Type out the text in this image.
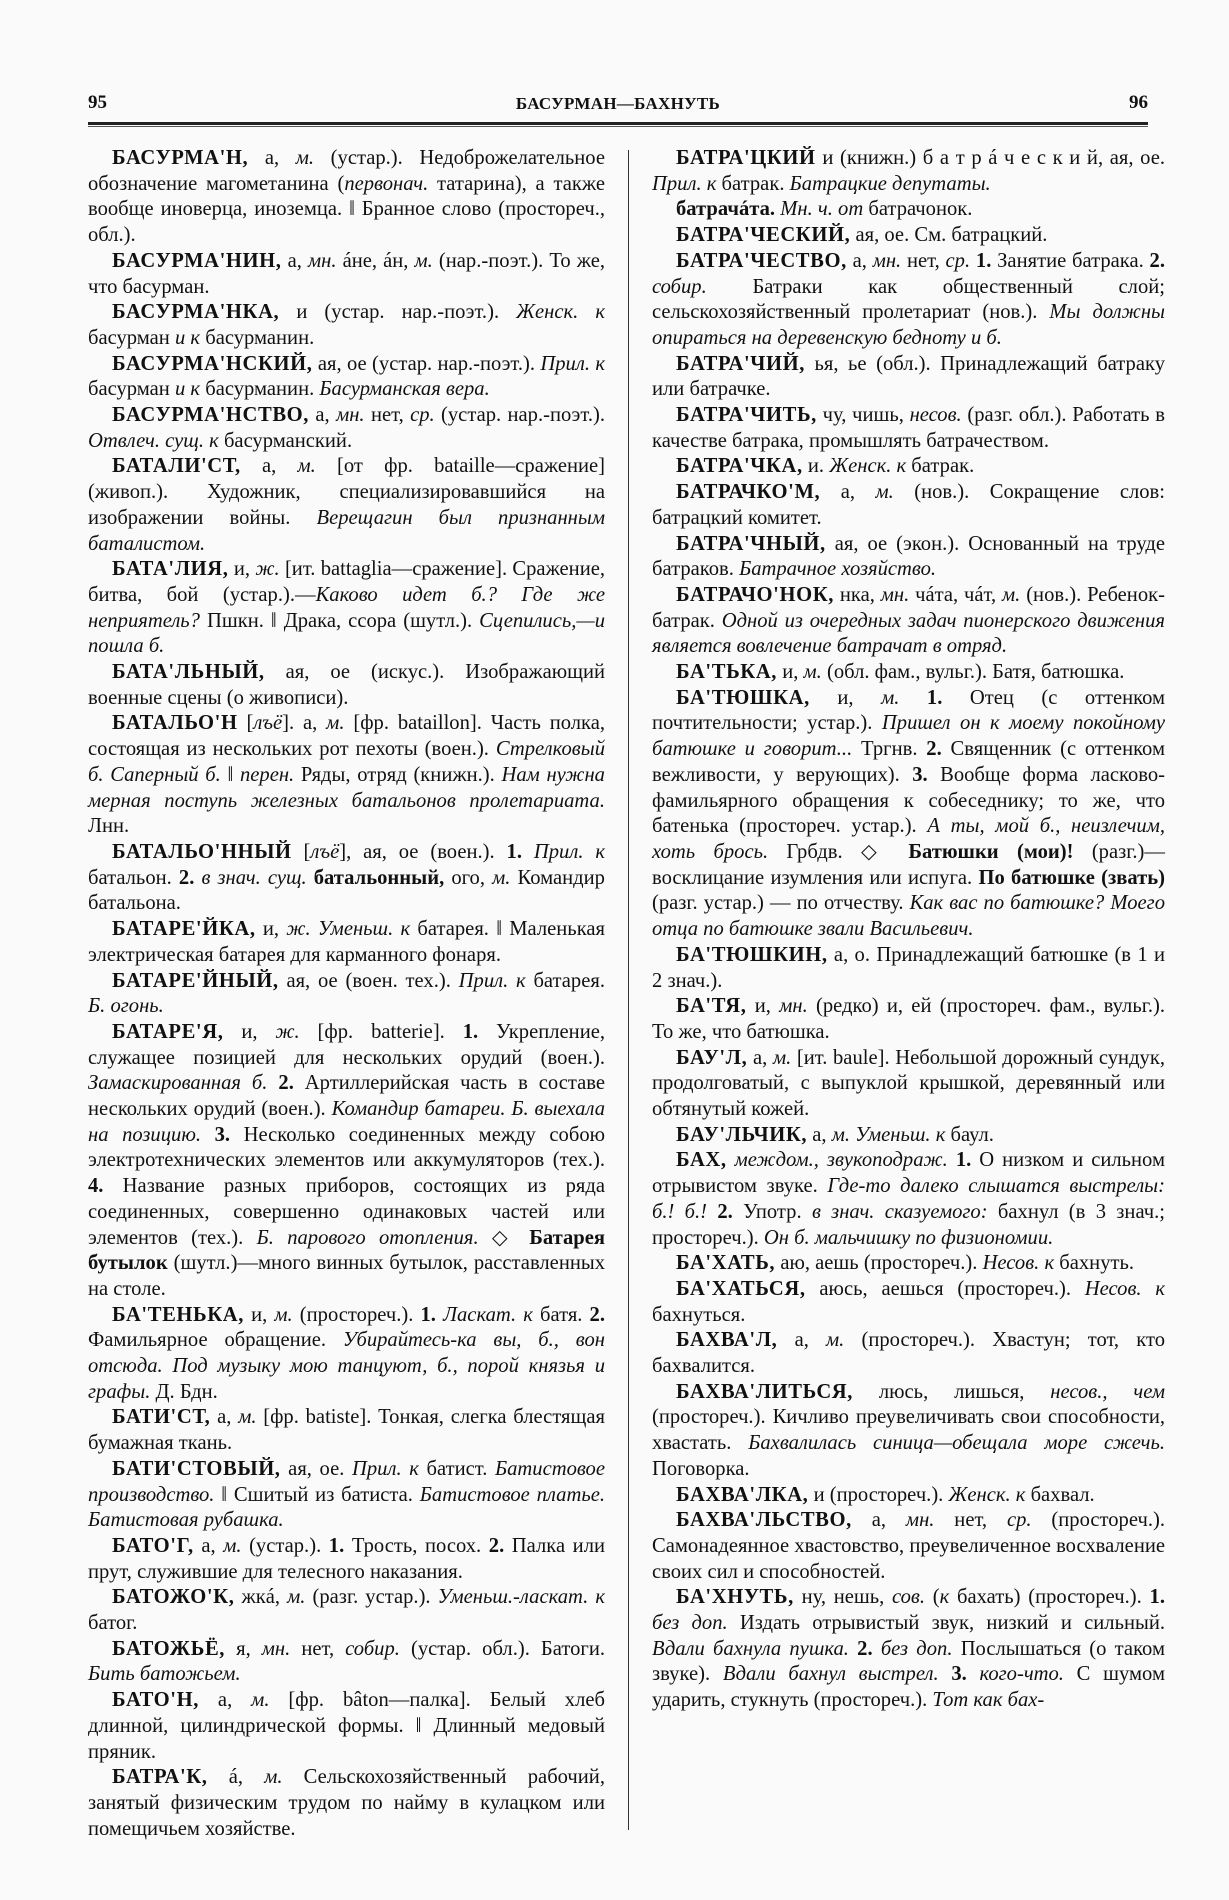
95	БАСУРМАН—БАХНУТЬ	96

БАСУРМА'Н, а, м. (устар.). Недоброжелательное обозначение магометанина (первонач. татарина), а также вообще иноверца, иноземца. ‖ Бранное слово (простореч., обл.).

БАСУРМА'НИН, а, мн. áне, áн, м. (нар.-поэт.). То же, что басурман.

БАСУРМА'НКА, и (устар. нар.-поэт.). Женск. к басурман и к басурманин.

БАСУРМА'НСКИЙ, ая, ое (устар. нар.-поэт.). Прил. к басурман и к басурманин. Басурманская вера.

БАСУРМА'НСТВО, а, мн. нет, ср. (устар. нар.-поэт.). Отвлеч. сущ. к басурманский.

БАТАЛИ'СТ, а, м. [от фр. bataille—сражение] (живоп.). Художник, специализировавшийся на изображении войны. Верещагин был признанным баталистом.

БАТА'ЛИЯ, и, ж. [ит. battaglia—сражение]. Сражение, битва, бой (устар.).—Каково идет б.? Где же неприятель? Пшкн. ‖ Драка, ссора (шутл.). Сцепились,—и пошла б.

БАТА'ЛЬНЫЙ, ая, ое (искус.). Изображающий военные сцены (о живописи).

БАТАЛЬО'Н [лъё]. а, м. [фр. bataillon]. Часть полка, состоящая из нескольких рот пехоты (воен.). Стрелковый б. Саперный б. ‖ перен. Ряды, отряд (книжн.). Нам нужна мерная поступь железных батальонов пролетариата. Лнн.

БАТАЛЬО'ННЫЙ [лъё], ая, ое (воен.). 1. Прил. к батальон. 2. в знач. сущ. батальонный, ого, м. Командир батальона.

БАТАРЕ'ЙКА, и, ж. Уменьш. к батарея. ‖ Маленькая электрическая батарея для карманного фонаря.

БАТАРЕ'ЙНЫЙ, ая, ое (воен. тех.). Прил. к батарея. Б. огонь.

БАТАРЕ'Я, и, ж. [фр. batterie]. 1. Укрепление, служащее позицией для нескольких орудий (воен.). Замаскированная б. 2. Артиллерийская часть в составе нескольких орудий (воен.). Командир батареи. Б. выехала на позицию. 3. Несколько соединенных между собою электротехнических элементов или аккумуляторов (тех.). 4. Название разных приборов, состоящих из ряда соединенных, совершенно одинаковых частей или элементов (тех.). Б. парового отопления. ◇ Батарея бутылок (шутл.)—много винных бутылок, расставленных на столе.

БА'ТЕНЬКА, и, м. (простореч.). 1. Ласкат. к батя. 2. Фамильярное обращение. Убирайтесь-ка вы, б., вон отсюда. Под музыку мою танцуют, б., порой князья и графы. Д. Бдн.

БАТИ'СТ, а, м. [фр. batiste]. Тонкая, слегка блестящая бумажная ткань.

БАТИ'СТОВЫЙ, ая, ое. Прил. к батист. Батистовое производство. ‖ Сшитый из батиста. Батистовое платье. Батистовая рубашка.

БАТО'Г, а, м. (устар.). 1. Трость, посох. 2. Палка или прут, служившие для телесного наказания.

БАТОЖО'К, жкá, м. (разг. устар.). Уменьш.-ласкат. к батог.

БАТОЖЬЁ, я, мн. нет, собир. (устар. обл.). Батоги. Бить батожьем.

БАТО'Н, а, м. [фр. bâton—палка]. Белый хлеб длинной, цилиндрической формы. ‖ Длинный медовый пряник.

БАТРА'К, á, м. Сельскохозяйственный рабочий, занятый физическим трудом по найму в кулацком или помещичьем хозяйстве.

БАТРА'ЦКИЙ и (книжн.) б а т р á ч е с к и й, ая, ое. Прил. к батрак. Батрацкие депутаты.

батрачáта. Мн. ч. от батрачонок.

БАТРА'ЧЕСКИЙ, ая, ое. См. батрацкий.

БАТРА'ЧЕСТВО, а, мн. нет, ср. 1. Занятие батрака. 2. собир. Батраки как общественный слой; сельскохозяйственный пролетариат (нов.). Мы должны опираться на деревенскую бедноту и б.

БАТРА'ЧИЙ, ья, ье (обл.). Принадлежащий батраку или батрачке.

БАТРА'ЧИТЬ, чу, чишь, несов. (разг. обл.). Работать в качестве батрака, промышлять батрачеством.

БАТРА'ЧКА, и. Женск. к батрак.

БАТРАЧКО'М, а, м. (нов.). Сокращение слов: батрацкий комитет.

БАТРА'ЧНЫЙ, ая, ое (экон.). Основанный на труде батраков. Батрачное хозяйство.

БАТРАЧО'НОК, нка, мн. чáта, чáт, м. (нов.). Ребенок-батрак. Одной из очередных задач пионерского движения является вовлечение батрачат в отряд.

БА'ТЬКА, и, м. (обл. фам., вульг.). Батя, батюшка.

БА'ТЮШКА, и, м. 1. Отец (с оттенком почтительности; устар.). Пришел он к моему покойному батюшке и говорит... Тргнв. 2. Священник (с оттенком вежливости, у верующих). 3. Вообще форма ласково-фамильярного обращения к собеседнику; то же, что батенька (простореч. устар.). А ты, мой б., неизлечим, хоть брось. Грбдв. ◇ Батюшки (мои)! (разг.)—восклицание изумления или испуга. По батюшке (звать) (разг. устар.) — по отчеству. Как вас по батюшке? Моего отца по батюшке звали Васильевич.

БА'ТЮШКИН, а, о. Принадлежащий батюшке (в 1 и 2 знач.).

БА'ТЯ, и, мн. (редко) и, ей (простореч. фам., вульг.). То же, что батюшка.

БАУ'Л, а, м. [ит. baule]. Небольшой дорожный сундук, продолговатый, с выпуклой крышкой, деревянный или обтянутый кожей.

БАУ'ЛЬЧИК, а, м. Уменьш. к баул.

БАХ, междом., звукоподраж. 1. О низком и сильном отрывистом звуке. Где-то далеко слышатся выстрелы: б.! б.! 2. Употр. в знач. сказуемого: бахнул (в 3 знач.; простореч.). Он б. мальчишку по физиономии.

БА'ХАТЬ, аю, аешь (простореч.). Несов. к бахнуть.

БА'ХАТЬСЯ, аюсь, аешься (простореч.). Несов. к бахнуться.

БАХВА'Л, а, м. (простореч.). Хвастун; тот, кто бахвалится.

БАХВА'ЛИТЬСЯ, люсь, лишься, несов., чем (простореч.). Кичливо преувеличивать свои способности, хвастать. Бахвалилась синица—обещала море сжечь. Поговорка.

БАХВА'ЛКА, и (простореч.). Женск. к бахвал.

БАХВА'ЛЬСТВО, а, мн. нет, ср. (простореч.). Самонадеянное хвастовство, преувеличенное восхваление своих сил и способностей.

БА'ХНУТЬ, ну, нешь, сов. (к бахать) (простореч.). 1. без доп. Издать отрывистый звук, низкий и сильный. Вдали бахнула пушка. 2. без доп. Послышаться (о таком звуке). Вдали бахнул выстрел. 3. кого-что. С шумом ударить, стукнуть (простореч.). Тот как бах-
